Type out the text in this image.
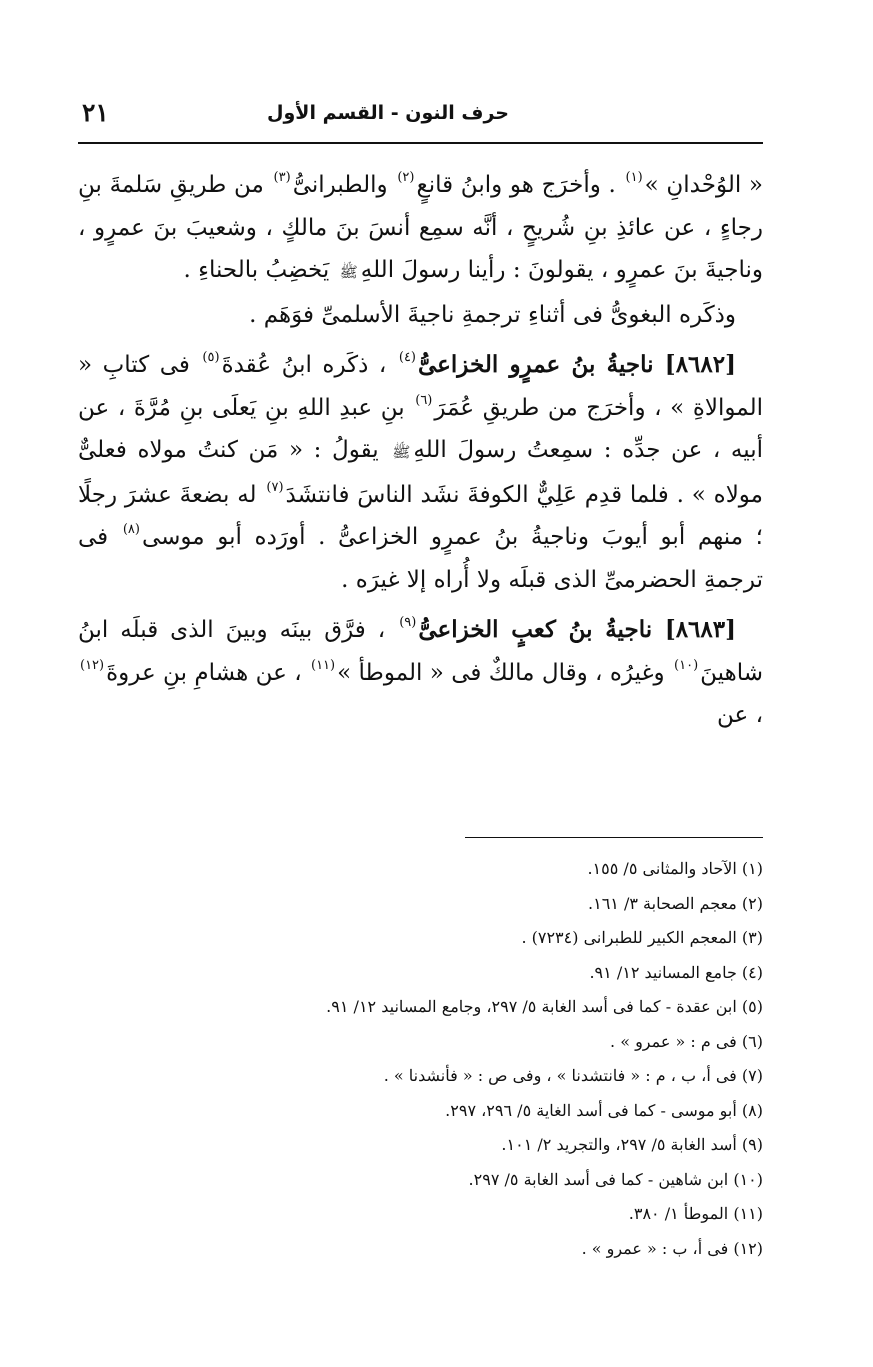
حرف النون - القسم الأول
٢١

« الوُحْدانِ »$^{(١)}$ . وأخرَج هو وابنُ قانعٍ$^{(٢)}$ والطبرانىُّ$^{(٣)}$ من طريقِ سَلمةَ بنِ رجاءٍ ، عن عائذِ بنِ شُريحٍ ، أنَّه سمِع أنسَ بنَ مالكٍ ، وشعيبَ بنَ عمرٍو ، وناجيةَ بنَ عمرٍو ، يقولونَ : رأينا رسولَ اللهِﷺ يَخضِبُ بالحناءِ .

وذكَره البغوىُّ فى أثناءِ ترجمةِ ناجيةَ الأسلمىِّ فوَهَم .

[٨٦٨٢] ناجيةُ بنُ عمرٍو الخزاعىُّ$^{(٤)}$ ، ذكَره ابنُ عُقدةَ$^{(٥)}$ فى كتابِ « الموالاةِ » ، وأخرَج من طريقِ عُمَرَ$^{(٦)}$ بنِ عبدِ اللهِ بنِ يَعلَى بنِ مُرَّةَ ، عن أبيه ، عن جدِّه : سمِعتُ رسولَ اللهِﷺ يقولُ : « مَن كنتُ مولاه فعلىٌّ مولاه » . فلما قدِم عَلِيٌّ الكوفةَ نشَد الناسَ فانتشَدَ$^{(٧)}$ له بضعةَ عشرَ رجلًا ؛ منهم أبو أيوبَ وناجيةُ بنُ عمرٍو الخزاعىُّ . أورَده أبو موسى$^{(٨)}$ فى ترجمةِ الحضرمىِّ الذى قبلَه ولا أُراه إلا غيرَه .

[٨٦٨٣] ناجيةُ بنُ كعبٍ الخزاعىُّ$^{(٩)}$ ، فرَّق بينَه وبينَ الذى قبلَه ابنُ شاهينَ$^{(١٠)}$ وغيرُه ، وقال مالكٌ فى « الموطأ »$^{(١١)}$ ، عن هشامِ بنِ عروةَ$^{(١٢)}$ ، عن

(١) الآحاد والمثانى ٥/ ١٥٥.
(٢) معجم الصحابة ٣/ ١٦١.
(٣) المعجم الكبير للطبرانى (٧٢٣٤) .
(٤) جامع المسانيد ١٢/ ٩١.
(٥) ابن عقدة - كما فى أسد الغابة ٥/ ٢٩٧، وجامع المسانيد ١٢/ ٩١.
(٦) فى م : « عمرو » .
(٧) فى أ، ب ، م : « فانتشدنا » ، وفى ص : « فأنشدنا » .
(٨) أبو موسى - كما فى أسد الغاية ٥/ ٢٩٦، ٢٩٧.
(٩) أسد الغابة ٥/ ٢٩٧، والتجريد ٢/ ١٠١.
(١٠) ابن شاهين - كما فى أسد الغابة ٥/ ٢٩٧.
(١١) الموطأ ١/ ٣٨٠.
(١٢) فى أ، ب : « عمرو » .
